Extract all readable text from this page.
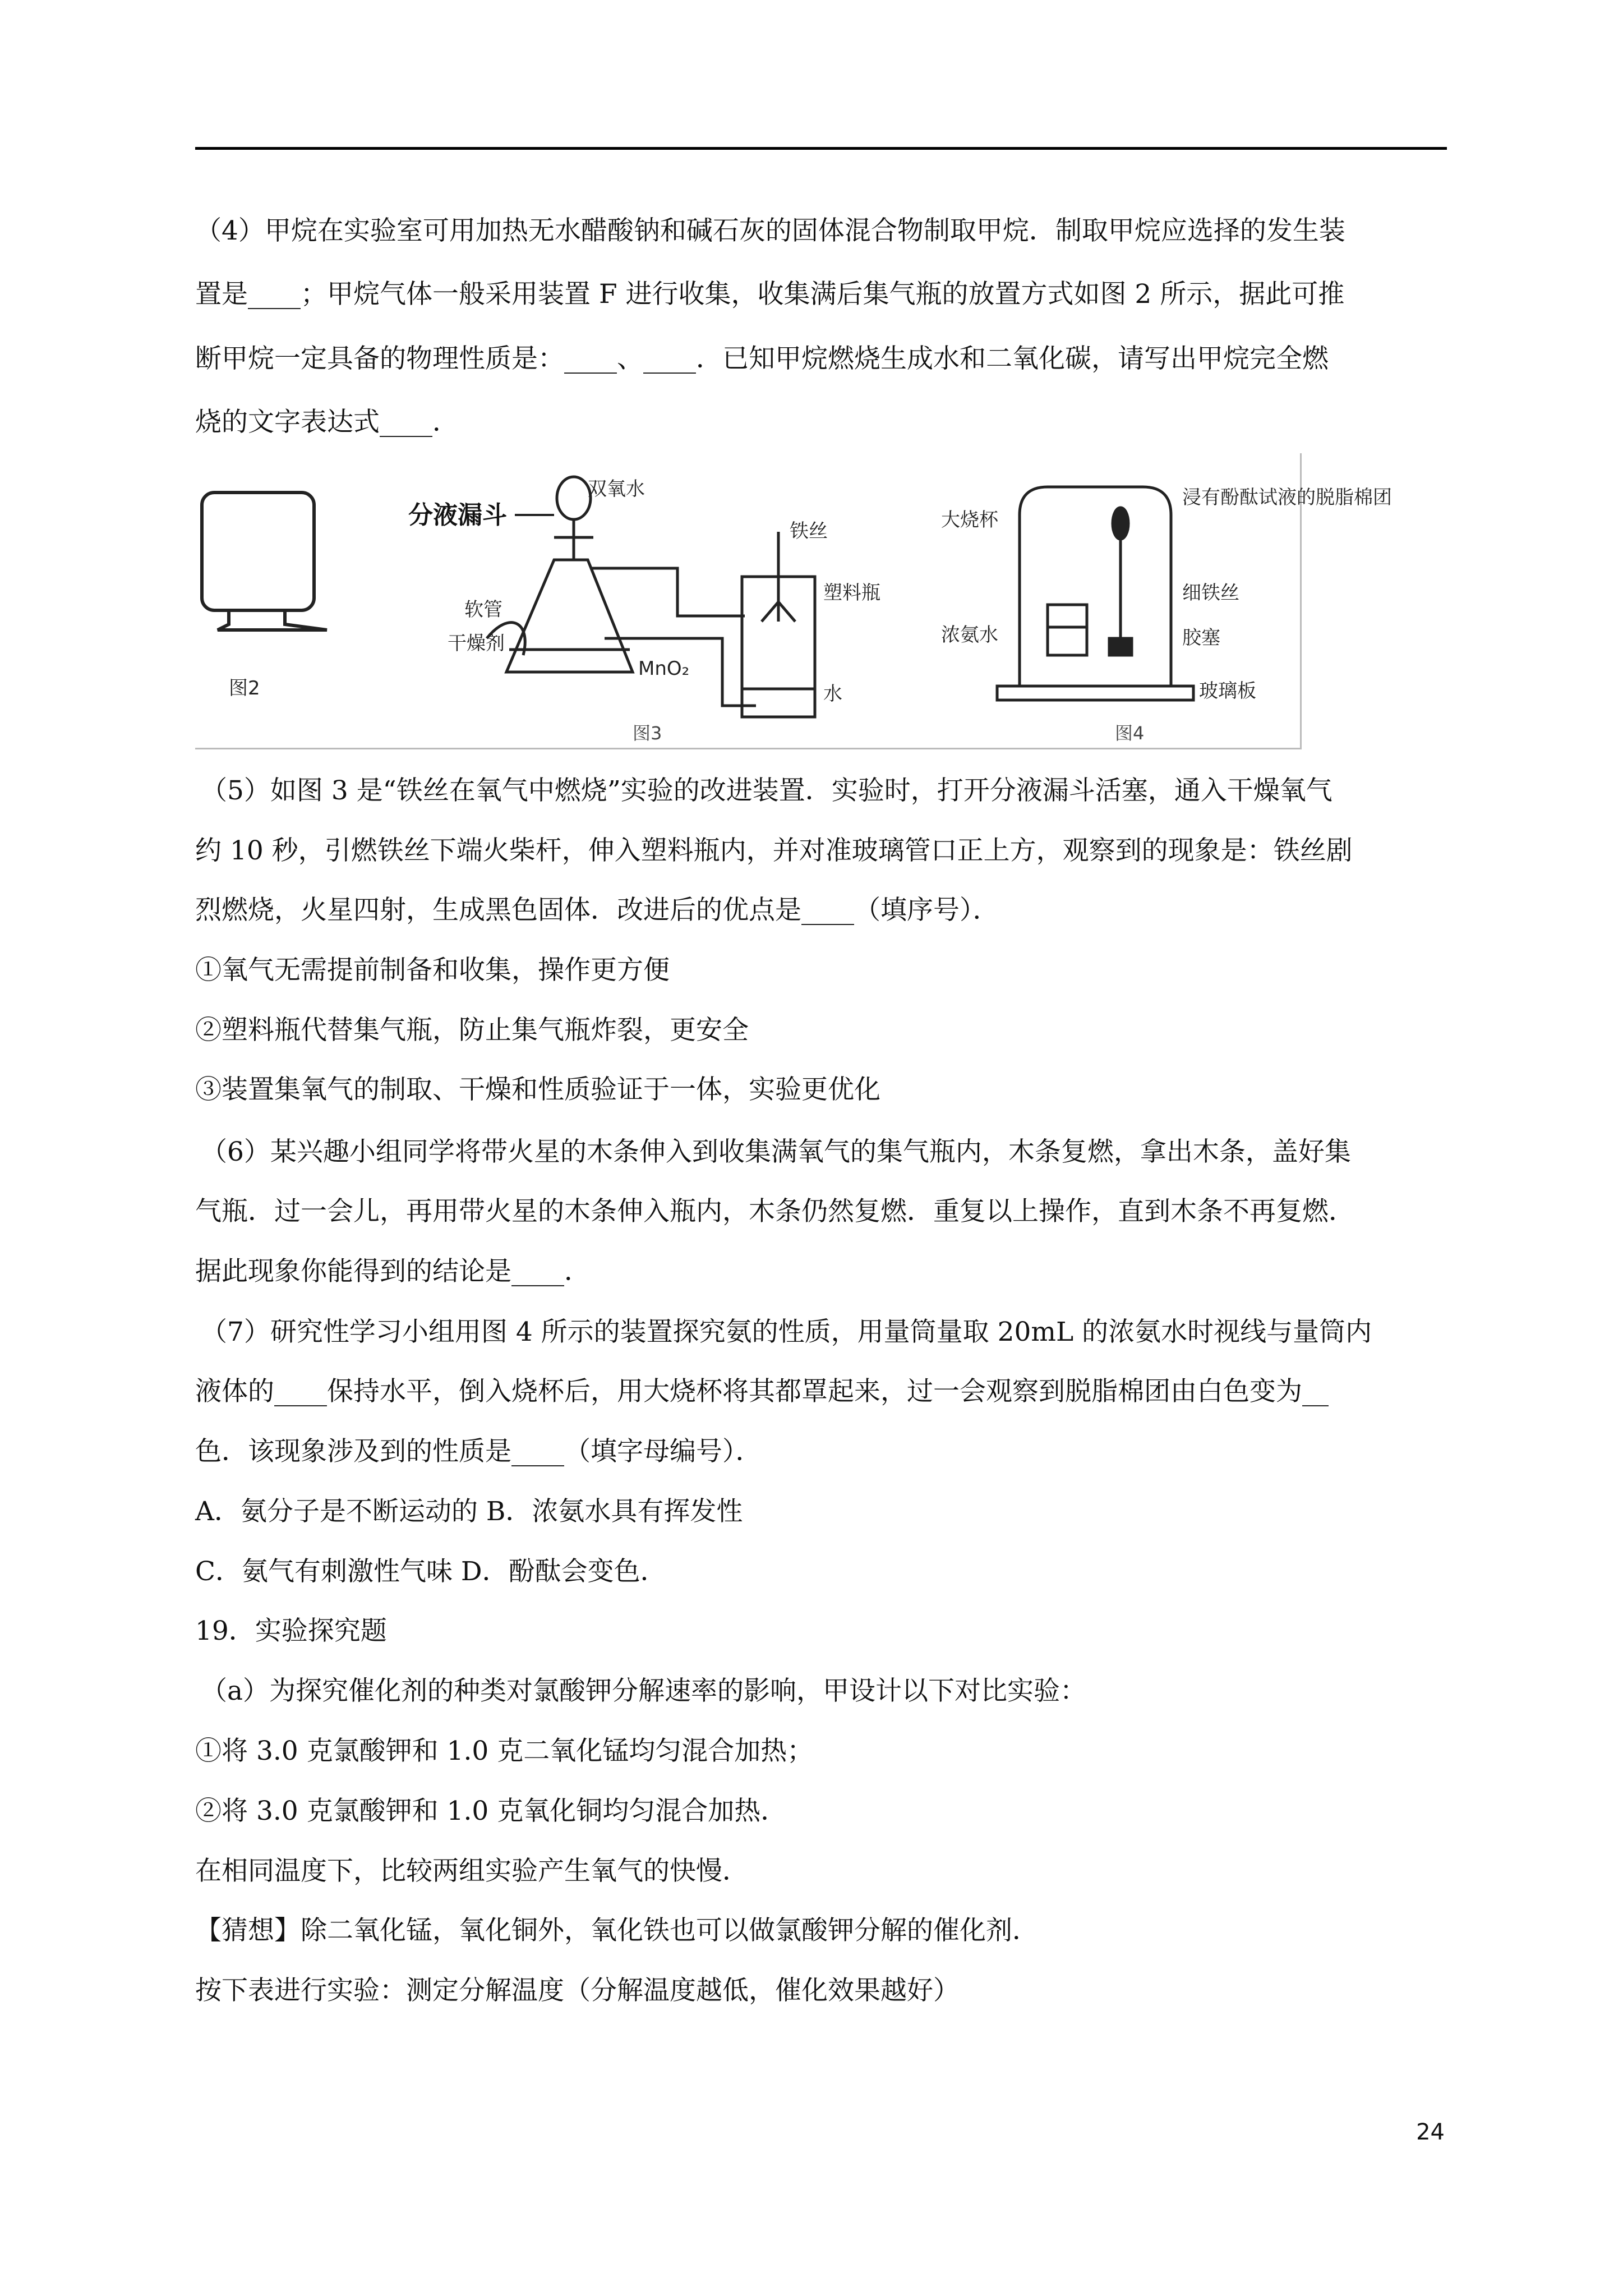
（4）甲烷在实验室可用加热无水醋酸钠和碱石灰的固体混合物制取甲烷．制取甲烷应选择的发生装
置是____；甲烷气体一般采用装置 F 进行收集，收集满后集气瓶的放置方式如图 2 所示，据此可推
断甲烷一定具备的物理性质是：____、____．已知甲烷燃烧生成水和二氧化碳，请写出甲烷完全燃
烧的文字表达式____．
图2
分液漏斗
双氧水
铁丝
软管
干燥剂
MnO₂
塑料瓶
水
图3
大烧杯
浸有酚酞试液的脱脂棉团
浓氨水
细铁丝
胶塞
玻璃板
图4
（5）如图 3 是“铁丝在氧气中燃烧”实验的改进装置．实验时，打开分液漏斗活塞，通入干燥氧气
约 10 秒，引燃铁丝下端火柴杆，伸入塑料瓶内，并对准玻璃管口正上方，观察到的现象是：铁丝剧
烈燃烧，火星四射，生成黑色固体．改进后的优点是____（填序号）．
①氧气无需提前制备和收集，操作更方便
②塑料瓶代替集气瓶，防止集气瓶炸裂，更安全
③装置集氧气的制取、干燥和性质验证于一体，实验更优化
（6）某兴趣小组同学将带火星的木条伸入到收集满氧气的集气瓶内，木条复燃，拿出木条，盖好集
气瓶．过一会儿，再用带火星的木条伸入瓶内，木条仍然复燃．重复以上操作，直到木条不再复燃．
据此现象你能得到的结论是____．
（7）研究性学习小组用图 4 所示的装置探究氨的性质，用量筒量取 20mL 的浓氨水时视线与量筒内
液体的____保持水平，倒入烧杯后，用大烧杯将其都罩起来，过一会观察到脱脂棉团由白色变为__
色．该现象涉及到的性质是____（填字母编号）．
A．氨分子是不断运动的 B．浓氨水具有挥发性
C．氨气有刺激性气味 D．酚酞会变色．
19．实验探究题
（a）为探究催化剂的种类对氯酸钾分解速率的影响，甲设计以下对比实验：
①将 3.0 克氯酸钾和 1.0 克二氧化锰均匀混合加热；
②将 3.0 克氯酸钾和 1.0 克氧化铜均匀混合加热．
在相同温度下，比较两组实验产生氧气的快慢．
【猜想】除二氧化锰，氧化铜外，氧化铁也可以做氯酸钾分解的催化剂．
按下表进行实验：测定分解温度（分解温度越低，催化效果越好）
24
